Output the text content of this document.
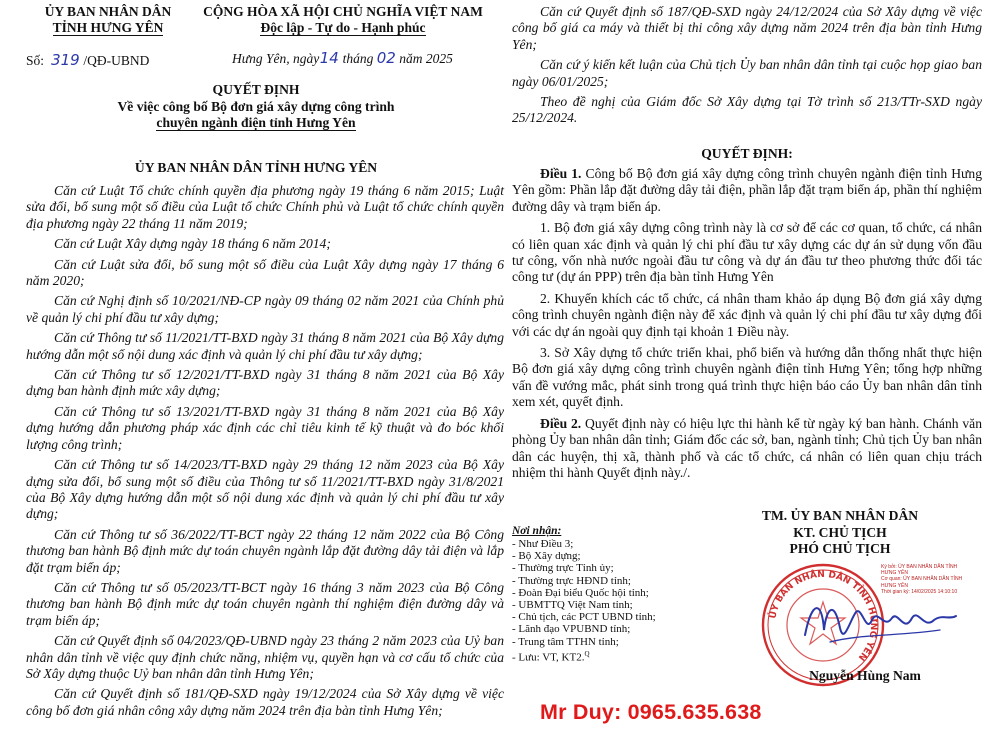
ỦY BAN NHÂN DÂN
TỈNH HƯNG YÊN
CỘNG HÒA XÃ HỘI CHỦ NGHĨA VIỆT NAM
Độc lập - Tự do - Hạnh phúc
Số: 319 /QĐ-UBND	Hưng Yên, ngày14 tháng 02 năm 2025
QUYẾT ĐỊNH
Về việc công bố Bộ đơn giá xây dựng công trình
chuyên ngành điện tỉnh Hưng Yên
ỦY BAN NHÂN DÂN TỈNH HƯNG YÊN

Căn cứ Luật Tổ chức chính quyền địa phương ngày 19 tháng 6 năm 2015; Luật sửa đổi, bổ sung một số điều của Luật tổ chức Chính phủ và Luật tổ chức chính quyền địa phương ngày 22 tháng 11 năm 2019;

Căn cứ Luật Xây dựng ngày 18 tháng 6 năm 2014;

Căn cứ Luật sửa đổi, bổ sung một số điều của Luật Xây dựng ngày 17 tháng 6 năm 2020;

Căn cứ Nghị định số 10/2021/NĐ-CP ngày 09 tháng 02 năm 2021 của Chính phủ về quản lý chi phí đầu tư xây dựng;

Căn cứ Thông tư số 11/2021/TT-BXD ngày 31 tháng 8 năm 2021 của Bộ Xây dựng hướng dẫn một số nội dung xác định và quản lý chi phí đầu tư xây dựng;

Căn cứ Thông tư số 12/2021/TT-BXD ngày 31 tháng 8 năm 2021 của Bộ Xây dựng ban hành định mức xây dựng;

Căn cứ Thông tư số 13/2021/TT-BXD ngày 31 tháng 8 năm 2021 của Bộ Xây dựng hướng dẫn phương pháp xác định các chỉ tiêu kinh tế kỹ thuật và đo bóc khối lượng công trình;

Căn cứ Thông tư số 14/2023/TT-BXD ngày 29 tháng 12 năm 2023 của Bộ Xây dựng sửa đổi, bổ sung một số điều của Thông tư số 11/2021/TT-BXD ngày 31/8/2021 của Bộ Xây dựng hướng dẫn một số nội dung xác định và quản lý chi phí đầu tư xây dựng;

Căn cứ Thông tư số 36/2022/TT-BCT ngày 22 tháng 12 năm 2022 của Bộ Công thương ban hành Bộ định mức dự toán chuyên ngành lắp đặt đường dây tải điện và lắp đặt trạm biến áp;

Căn cứ Thông tư số 05/2023/TT-BCT ngày 16 tháng 3 năm 2023 của Bộ Công thương ban hành Bộ định mức dự toán chuyên ngành thí nghiệm điện đường dây và trạm biến áp;

Căn cứ Quyết định số 04/2023/QĐ-UBND ngày 23 tháng 2 năm 2023 của Uỷ ban nhân dân tỉnh về việc quy định chức năng, nhiệm vụ, quyền hạn và cơ cấu tổ chức của Sở Xây dựng thuộc Uỷ ban nhân dân tỉnh Hưng Yên;

Căn cứ Quyết định số 181/QĐ-SXD ngày 19/12/2024 của Sở Xây dựng về việc công bố đơn giá nhân công xây dựng năm 2024 trên địa bàn tỉnh Hưng Yên;

Căn cứ Quyết định số 187/QĐ-SXD ngày 24/12/2024 của Sở Xây dựng về việc công bố giá ca máy và thiết bị thi công xây dựng năm 2024 trên địa bàn tỉnh Hưng Yên;

Căn cứ ý kiến kết luận của Chủ tịch Ủy ban nhân dân tỉnh tại cuộc họp giao ban ngày 06/01/2025;

Theo đề nghị của Giám đốc Sở Xây dựng tại Tờ trình số 213/TTr-SXD ngày 25/12/2024.

QUYẾT ĐỊNH:

Điều 1. Công bố Bộ đơn giá xây dựng công trình chuyên ngành điện tỉnh Hưng Yên gồm: Phần lắp đặt đường dây tải điện, phần lắp đặt trạm biến áp, phần thí nghiệm đường dây và trạm biến áp.

1. Bộ đơn giá xây dựng công trình này là cơ sở để các cơ quan, tổ chức, cá nhân có liên quan xác định và quản lý chi phí đầu tư xây dựng các dự án sử dụng vốn đầu tư công, vốn nhà nước ngoài đầu tư công và dự án đầu tư theo phương thức đối tác công tư (dự án PPP) trên địa bàn tỉnh Hưng Yên

2. Khuyến khích các tổ chức, cá nhân tham khảo áp dụng Bộ đơn giá xây dựng công trình chuyên ngành điện này để xác định và quản lý chi phí đầu tư xây dựng đối với các dự án ngoài quy định tại khoản 1 Điều này.

3. Sở Xây dựng tổ chức triển khai, phổ biến và hướng dẫn thống nhất thực hiện Bộ đơn giá xây dựng công trình chuyên ngành điện tỉnh Hưng Yên; tổng hợp những vấn đề vướng mắc, phát sinh trong quá trình thực hiện báo cáo Ủy ban nhân dân tỉnh xem xét, quyết định.

Điều 2. Quyết định này có hiệu lực thi hành kể từ ngày ký ban hành. Chánh văn phòng Ủy ban nhân dân tỉnh; Giám đốc các sở, ban, ngành tỉnh; Chủ tịch Ủy ban nhân dân các huyện, thị xã, thành phố và các tổ chức, cá nhân có liên quan chịu trách nhiệm thi hành Quyết định này./.

Nơi nhận:
- Như Điều 3;
- Bộ Xây dựng;
- Thường trực Tỉnh ủy;
- Thường trực HĐND tỉnh;
- Đoàn Đại biểu Quốc hội tỉnh;
- UBMTTQ Việt Nam tỉnh;
- Chủ tịch, các PCT UBND tỉnh;
- Lãnh đạo VPUBND tỉnh;
- Trung tâm TTHN tỉnh;
- Lưu: VT, KT2.$^Q$
TM. ỦY BAN NHÂN DÂN
KT. CHỦ TỊCH
PHÓ CHỦ TỊCH
ỦY BAN NHÂN DÂN TỈNH HƯNG YÊN
Ký bởi: ỦY BAN NHÂN DÂN TỈNH
HƯNG YÊN
Cơ quan: ỦY BAN NHÂN DÂN TỈNH
HƯNG YÊN
Thời gian ký: 14/02/2025 14:10:10
Nguyễn Hùng Nam
Mr Duy: 0965.635.638
